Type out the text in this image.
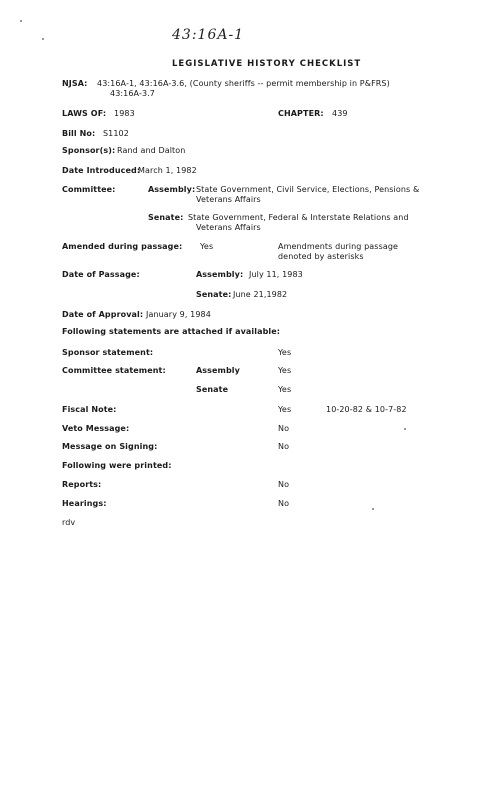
43:16A-1
LEGISLATIVE HISTORY CHECKLIST
NJSA: 43:16A-1, 43:16A-3.6, (County sheriffs -- permit membership in P&FRS)
43:16A-3.7
LAWS OF: 1983	CHAPTER: 439
Bill No: S1102
Sponsor(s): Rand and Dalton
Date Introduced:
March 1, 1982
Committee:	Assembly: State Government, Civil Service, Elections, Pensions &
Veterans Affairs
Senate: State Government, Federal & Interstate Relations and
Veterans Affairs
Amended during passage: Yes	Amendments during passage
denoted by asterisks
Date of Passage:	Assembly: July 11, 1983
Senate: June 21,1982
Date of Approval: January 9, 1984
Following statements are attached if available:
Sponsor statement:	Yes
Committee statement:	Assembly	Yes
Senate	Yes
Fiscal Note:	Yes	10-20-82 & 10-7-82
Veto Message:	No
Message on Signing:	No
Following were printed:
Reports:	No
Hearings:	No
rdv
